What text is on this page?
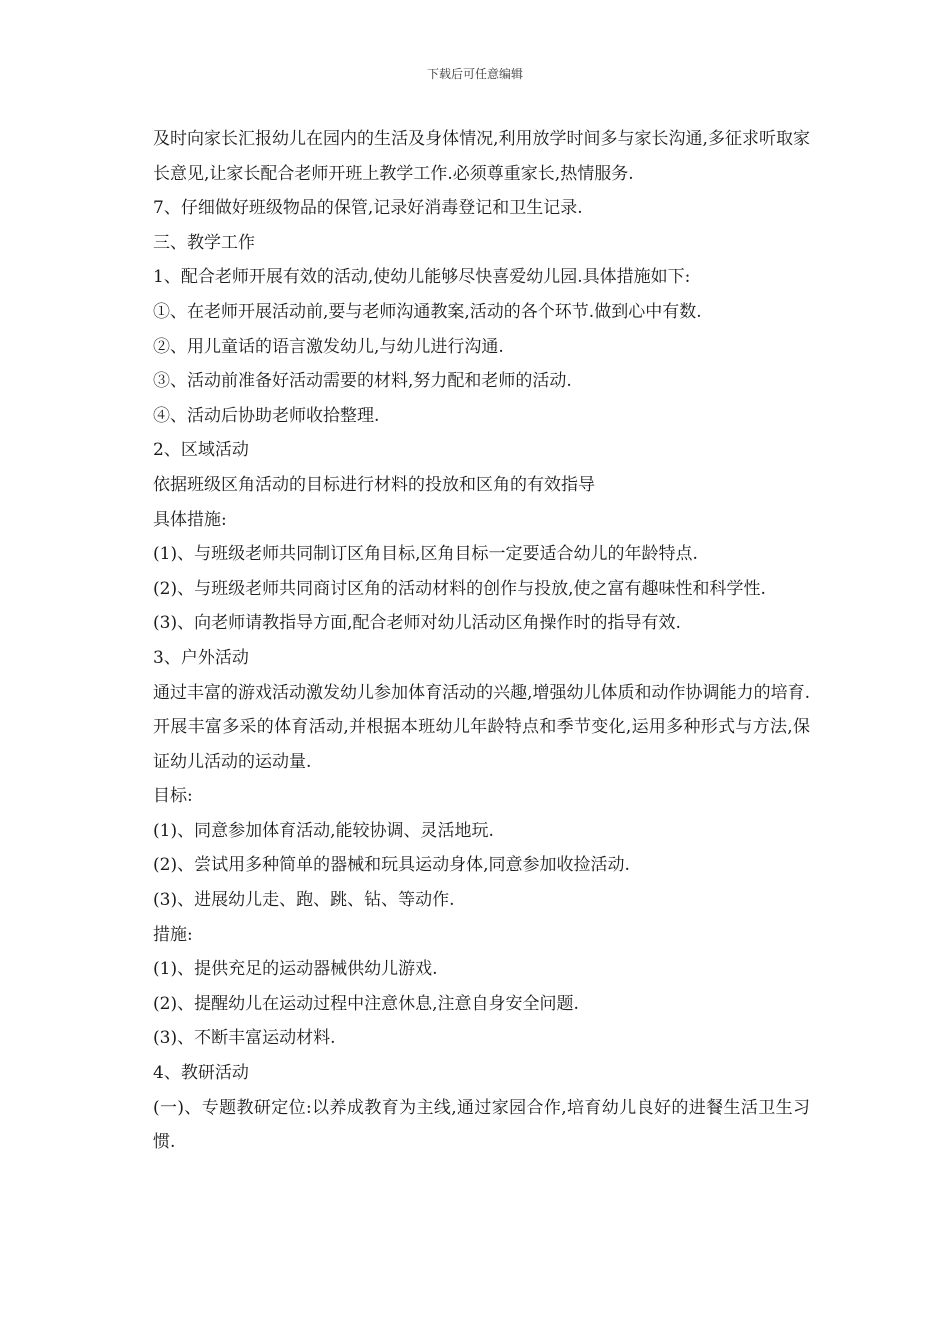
下载后可任意编辑

及时向家长汇报幼儿在园内的生活及身体情况,利用放学时间多与家长沟通,多征求听取家长意见,让家长配合老师开班上教学工作.必须尊重家长,热情服务.

7、仔细做好班级物品的保管,记录好消毒登记和卫生记录.

三、教学工作

1、配合老师开展有效的活动,使幼儿能够尽快喜爱幼儿园.具体措施如下:

①、在老师开展活动前,要与老师沟通教案,活动的各个环节.做到心中有数.

②、用儿童话的语言激发幼儿,与幼儿进行沟通.

③、活动前准备好活动需要的材料,努力配和老师的活动.

④、活动后协助老师收拾整理.

2、区域活动

依据班级区角活动的目标进行材料的投放和区角的有效指导

具体措施:

(1)、与班级老师共同制订区角目标,区角目标一定要适合幼儿的年龄特点.

(2)、与班级老师共同商讨区角的活动材料的创作与投放,使之富有趣味性和科学性.

(3)、向老师请教指导方面,配合老师对幼儿活动区角操作时的指导有效.

3、户外活动

通过丰富的游戏活动激发幼儿参加体育活动的兴趣,增强幼儿体质和动作协调能力的培育.开展丰富多采的体育活动,并根据本班幼儿年龄特点和季节变化,运用多种形式与方法,保证幼儿活动的运动量.

目标:

(1)、同意参加体育活动,能较协调、灵活地玩.

(2)、尝试用多种简单的器械和玩具运动身体,同意参加收捡活动.

(3)、进展幼儿走、跑、跳、钻、等动作.

措施:

(1)、提供充足的运动器械供幼儿游戏.

(2)、提醒幼儿在运动过程中注意休息,注意自身安全问题.

(3)、不断丰富运动材料.

4、教研活动

(一)、专题教研定位:以养成教育为主线,通过家园合作,培育幼儿良好的进餐生活卫生习惯.
